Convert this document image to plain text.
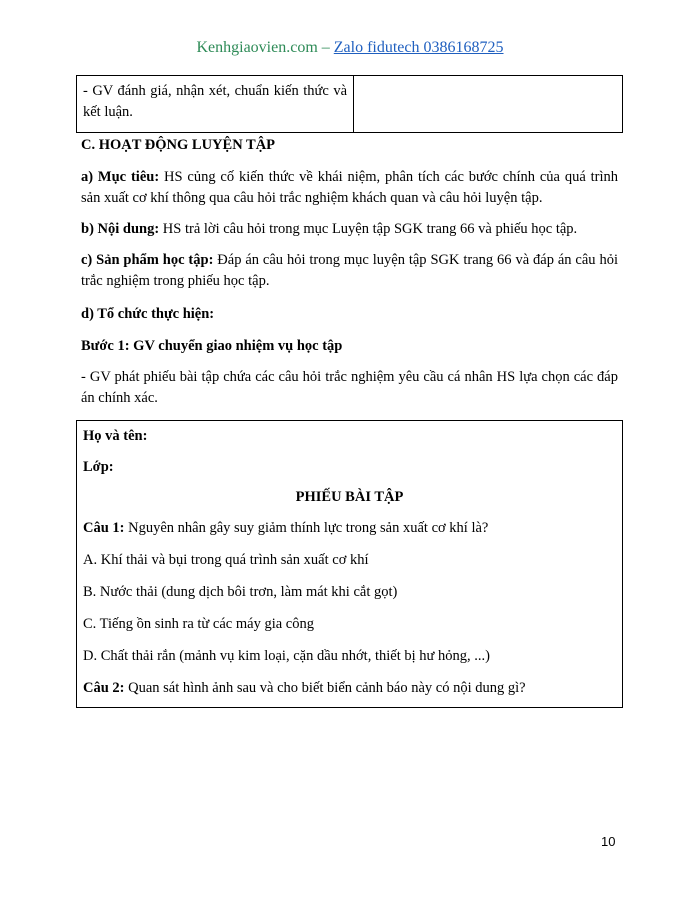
Kenhgiaovien.com – Zalo fidutech 0386168725
- GV đánh giá, nhận xét, chuẩn kiến thức và kết luận.

C. HOẠT ĐỘNG LUYỆN TẬP

a) Mục tiêu: HS củng cố kiến thức về khái niệm, phân tích các bước chính của quá trình sản xuất cơ khí thông qua câu hỏi trắc nghiệm khách quan và câu hỏi luyện tập.

b) Nội dung: HS trả lời câu hỏi trong mục Luyện tập SGK trang 66 và phiếu học tập.

c) Sản phẩm học tập: Đáp án câu hỏi trong mục luyện tập SGK trang 66 và đáp án câu hỏi trắc nghiệm trong phiếu học tập.

d) Tổ chức thực hiện:

Bước 1: GV chuyển giao nhiệm vụ học tập

- GV phát phiếu bài tập chứa các câu hỏi trắc nghiệm yêu cầu cá nhân HS lựa chọn các đáp án chính xác.

Họ và tên:

Lớp:

PHIẾU BÀI TẬP

Câu 1: Nguyên nhân gây suy giảm thính lực trong sản xuất cơ khí là?

A. Khí thải và bụi trong quá trình sản xuất cơ khí

B. Nước thải (dung dịch bôi trơn, làm mát khi cắt gọt)

C. Tiếng ồn sinh ra từ các máy gia công

D. Chất thải rắn (mảnh vụ kim loại, cặn dầu nhớt, thiết bị hư hỏng, ...)

Câu 2: Quan sát hình ảnh sau và cho biết biển cảnh báo này có nội dung gì?

10
